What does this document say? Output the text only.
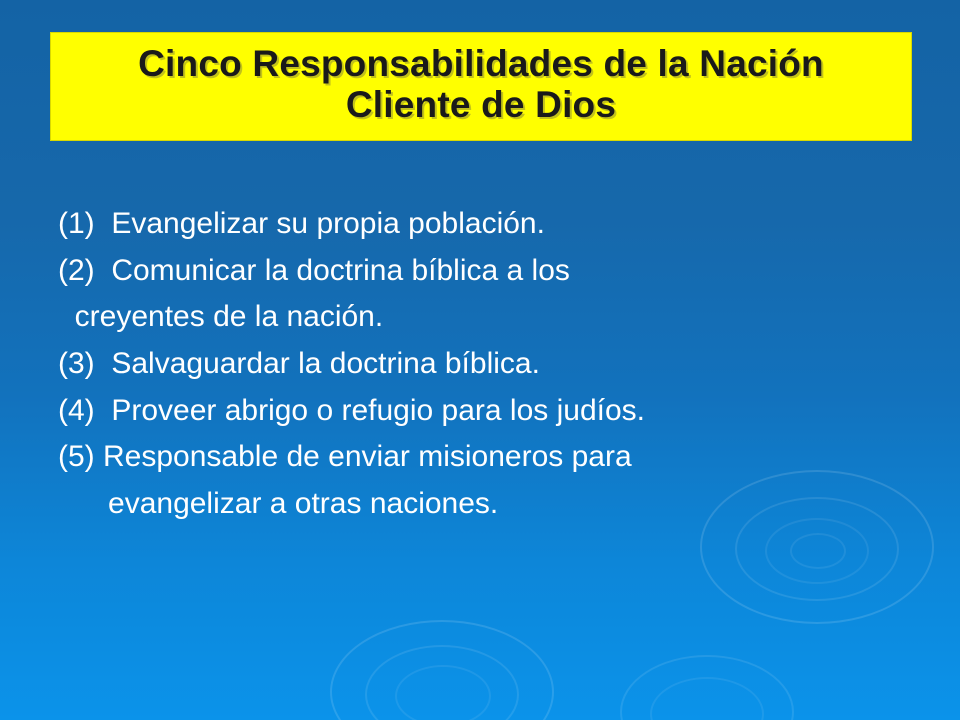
Cinco Responsabilidades de la Nación
Cliente de Dios
(1)  Evangelizar su propia población.
(2)  Comunicar la doctrina bíblica a los
creyentes de la nación.
(3)  Salvaguardar la doctrina bíblica.
(4)  Proveer abrigo o refugio para los judíos.
(5) Responsable de enviar misioneros para
evangelizar a otras naciones.
